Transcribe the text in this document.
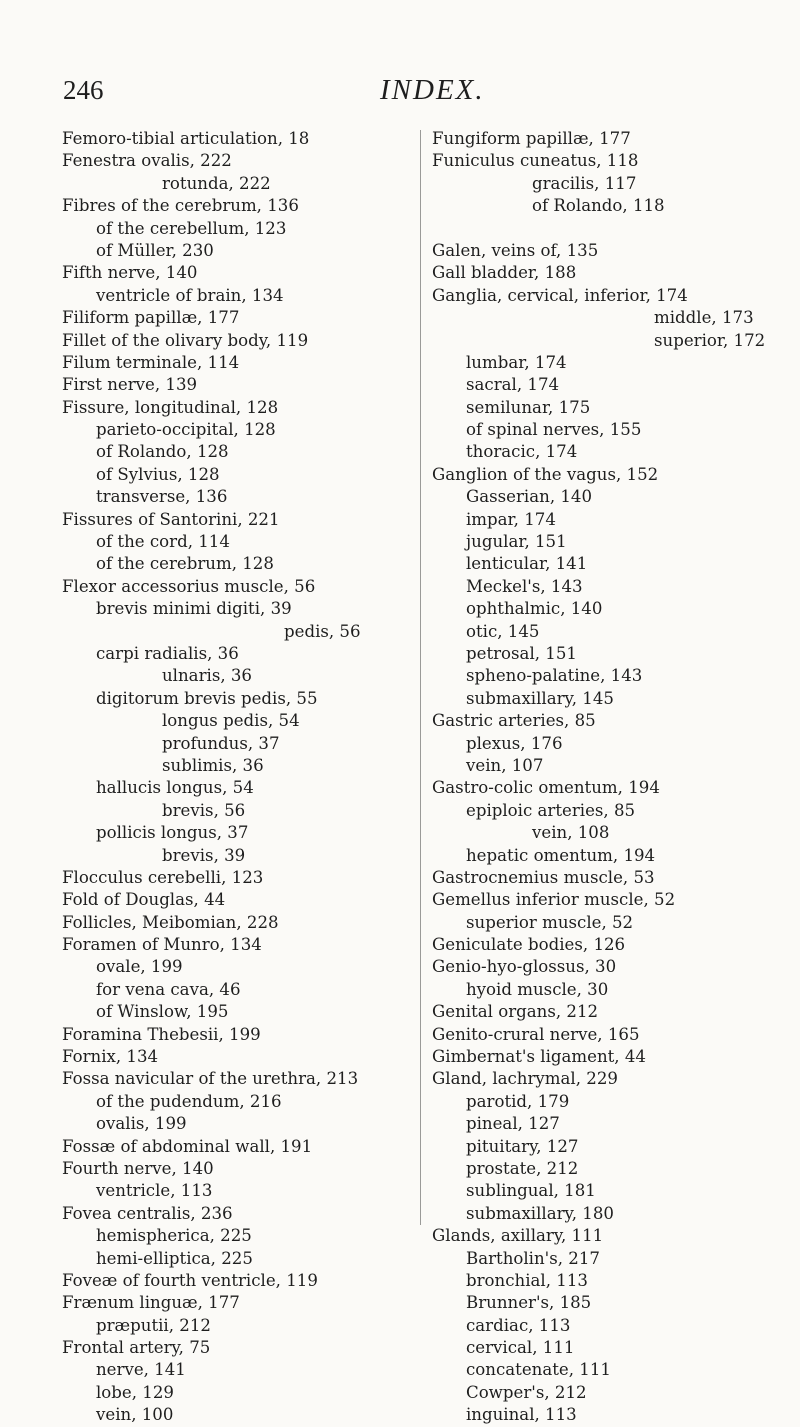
246	INDEX.
Femoro-tibial articulation, 18
Fenestra ovalis, 222
rotunda, 222
Fibres of the cerebrum, 136
of the cerebellum, 123
of Müller, 230
Fifth nerve, 140
ventricle of brain, 134
Filiform papillæ, 177
Fillet of the olivary body, 119
Filum terminale, 114
First nerve, 139
Fissure, longitudinal, 128
parieto-occipital, 128
of Rolando, 128
of Sylvius, 128
transverse, 136
Fissures of Santorini, 221
of the cord, 114
of the cerebrum, 128
Flexor accessorius muscle, 56
brevis minimi digiti, 39
pedis, 56
carpi radialis, 36
ulnaris, 36
digitorum brevis pedis, 55
longus pedis, 54
profundus, 37
sublimis, 36
hallucis longus, 54
brevis, 56
pollicis longus, 37
brevis, 39
Flocculus cerebelli, 123
Fold of Douglas, 44
Follicles, Meibomian, 228
Foramen of Munro, 134
ovale, 199
for vena cava, 46
of Winslow, 195
Foramina Thebesii, 199
Fornix, 134
Fossa navicular of the urethra, 213
of the pudendum, 216
ovalis, 199
Fossæ of abdominal wall, 191
Fourth nerve, 140
ventricle, 113
Fovea centralis, 236
hemispherica, 225
hemi-elliptica, 225
Foveæ of fourth ventricle, 119
Frænum linguæ, 177
præputii, 212
Frontal artery, 75
nerve, 141
lobe, 129
vein, 100
Fungiform papillæ, 177
Funiculus cuneatus, 118
gracilis, 117
of Rolando, 118
Galen, veins of, 135
Gall bladder, 188
Ganglia, cervical, inferior, 174
middle, 173
superior, 172
lumbar, 174
sacral, 174
semilunar, 175
of spinal nerves, 155
thoracic, 174
Ganglion of the vagus, 152
Gasserian, 140
impar, 174
jugular, 151
lenticular, 141
Meckel's, 143
ophthalmic, 140
otic, 145
petrosal, 151
spheno-palatine, 143
submaxillary, 145
Gastric arteries, 85
plexus, 176
vein, 107
Gastro-colic omentum, 194
epiploic arteries, 85
vein, 108
hepatic omentum, 194
Gastrocnemius muscle, 53
Gemellus inferior muscle, 52
superior muscle, 52
Geniculate bodies, 126
Genio-hyo-glossus, 30
hyoid muscle, 30
Genital organs, 212
Genito-crural nerve, 165
Gimbernat's ligament, 44
Gland, lachrymal, 229
parotid, 179
pineal, 127
pituitary, 127
prostate, 212
sublingual, 181
submaxillary, 180
Glands, axillary, 111
Bartholin's, 217
bronchial, 113
Brunner's, 185
cardiac, 113
cervical, 111
concatenate, 111
Cowper's, 212
inguinal, 113
